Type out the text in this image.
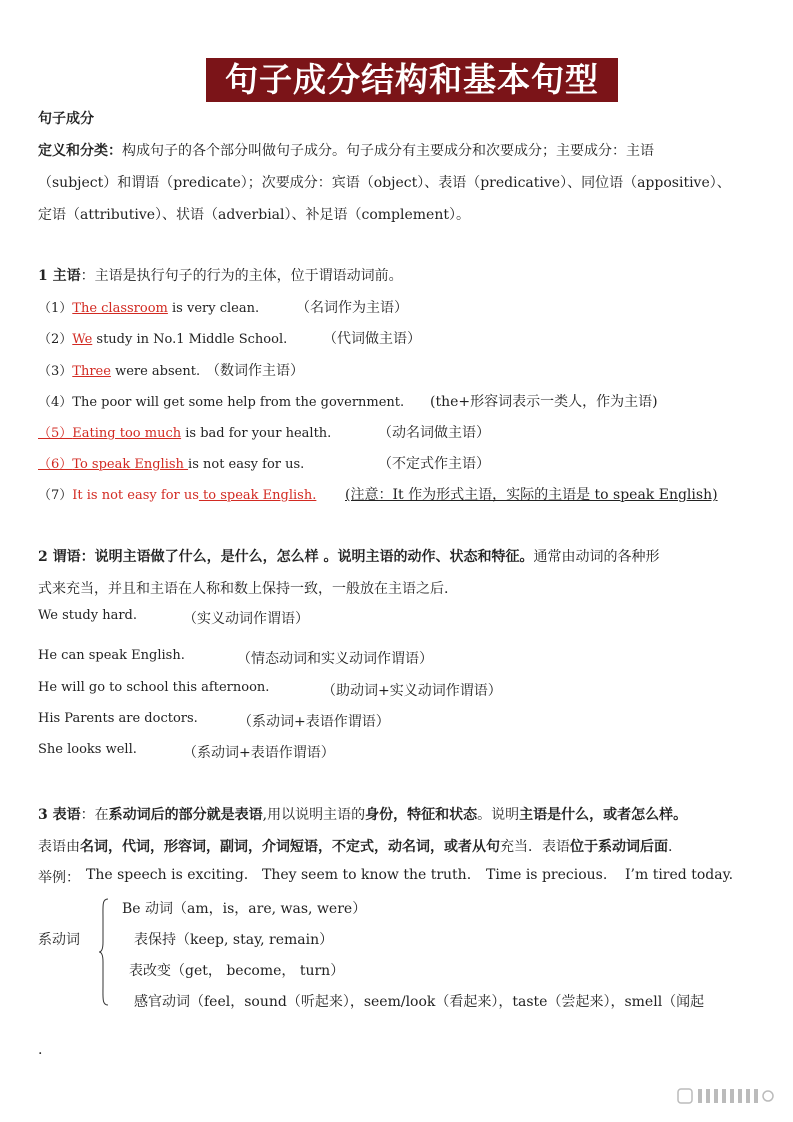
句子成分结构和基本句型
句子成分
定义和分类：构成句子的各个部分叫做句子成分。句子成分有主要成分和次要成分；主要成分：主语
（subject）和谓语（predicate）；次要成分：宾语（object）、表语（predicative）、同位语（appositive）、
定语（attributive）、状语（adverbial）、补足语（complement）。
1 主语：主语是执行句子的行为的主体，位于谓语动词前。
（1）The classroom is very clean.	（名词作为主语）
（2）We study in No.1 Middle School.	（代词做主语）
（3）Three were absent. （数词作主语）
（4）The poor will get some help from the government. (the+形容词表示一类人，作为主语)
（5）Eating too much is bad for your health.	（动名词做主语）
（6）To speak English is not easy for us.	（不定式作主语）
（7）It is not easy for us to speak English. (注意：It 作为形式主语，实际的主语是 to speak English)
2 谓语：说明主语做了什么，是什么，怎么样 。说明主语的动作、状态和特征。通常由动词的各种形
式来充当，并且和主语在人称和数上保持一致，一般放在主语之后.
We study hard.	（实义动词作谓语）
He can speak English.	（情态动词和实义动词作谓语）
He will go to school this afternoon.	（助动词+实义动词作谓语）
His Parents are doctors.	（系动词+表语作谓语）
She looks well.	（系动词+表语作谓语）
3 表语：在系动词后的部分就是表语,用以说明主语的身份，特征和状态。说明主语是什么，或者怎么样。
表语由名词，代词，形容词，副词，介词短语，不定式，动名词，或者从句充当．表语位于系动词后面.
举例： The speech is exciting. They seem to know the truth. Time is precious. I’m tired today.
系动词
Be 动词（am，is，are, was, were）
表保持（keep, stay, remain）
表改变（get， become， turn）
感官动词（feel，sound（听起来），seem/look（看起来），taste（尝起来），smell（闻起
.
